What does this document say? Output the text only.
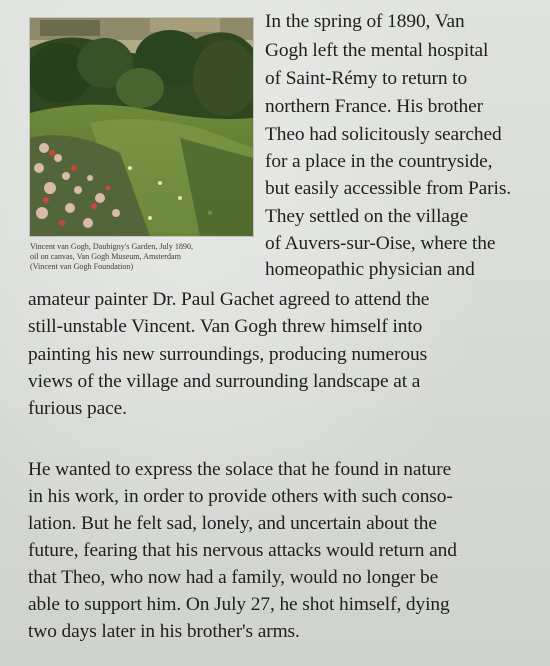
Vincent van Gogh, Daubigny's Garden, July 1890,
oil on canvas, Van Gogh Museum, Amsterdam
(Vincent van Gogh Foundation)
In the spring of 1890, Van
Gogh left the mental hospital
of Saint-Rémy to return to
northern France. His brother
Theo had solicitously searched
for a place in the countryside,
but easily accessible from Paris.
They settled on the village
of Auvers-sur-Oise, where the
homeopathic physician and
amateur painter Dr. Paul Gachet agreed to attend the
still-unstable Vincent. Van Gogh threw himself into
painting his new surroundings, producing numerous
views of the village and surrounding landscape at a
furious pace.
He wanted to express the solace that he found in nature
in his work, in order to provide others with such conso-
lation. But he felt sad, lonely, and uncertain about the
future, fearing that his nervous attacks would return and
that Theo, who now had a family, would no longer be
able to support him. On July 27, he shot himself, dying
two days later in his brother's arms.
